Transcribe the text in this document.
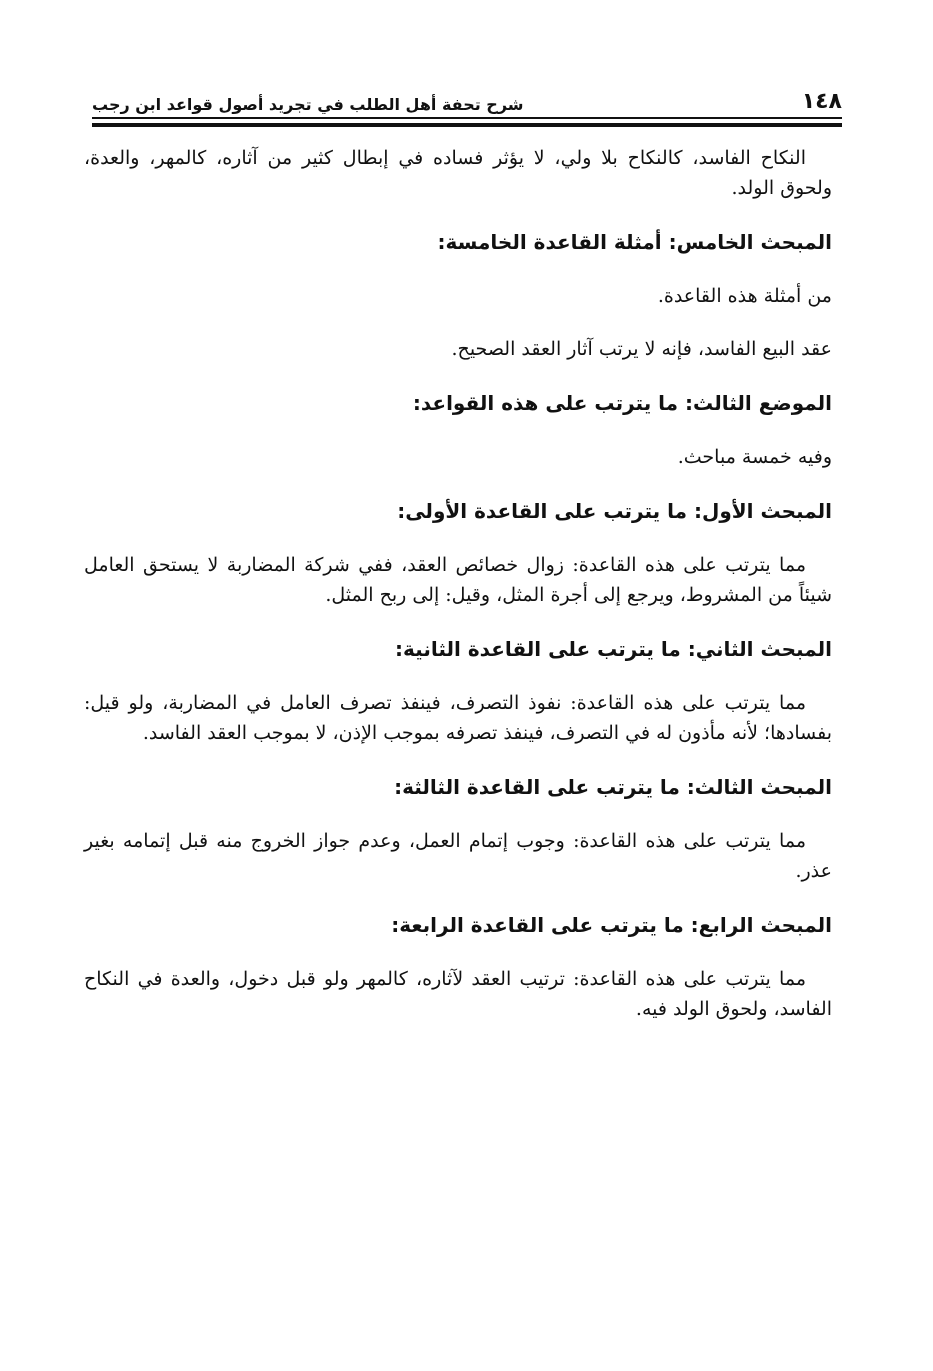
١٤٨
شرح تحفة أهل الطلب في تجريد أصول قواعد ابن رجب

النكاح الفاسد، كالنكاح بلا ولي، لا يؤثر فساده في إبطال كثير من آثاره، كالمهر، والعدة، ولحوق الولد.

المبحث الخامس: أمثلة القاعدة الخامسة:

من أمثلة هذه القاعدة.

عقد البيع الفاسد، فإنه لا يرتب آثار العقد الصحيح.

الموضع الثالث: ما يترتب على هذه القواعد:

وفيه خمسة مباحث.

المبحث الأول: ما يترتب على القاعدة الأولى:

مما يترتب على هذه القاعدة: زوال خصائص العقد، ففي شركة المضاربة لا يستحق العامل شيئاً من المشروط، ويرجع إلى أجرة المثل، وقيل: إلى ربح المثل.

المبحث الثاني: ما يترتب على القاعدة الثانية:

مما يترتب على هذه القاعدة: نفوذ التصرف، فينفذ تصرف العامل في المضاربة، ولو قيل: بفسادها؛ لأنه مأذون له في التصرف، فينفذ تصرفه بموجب الإذن، لا بموجب العقد الفاسد.

المبحث الثالث: ما يترتب على القاعدة الثالثة:

مما يترتب على هذه القاعدة: وجوب إتمام العمل، وعدم جواز الخروج منه قبل إتمامه بغير عذر.

المبحث الرابع: ما يترتب على القاعدة الرابعة:

مما يترتب على هذه القاعدة: ترتيب العقد لآثاره، كالمهر ولو قبل دخول، والعدة في النكاح الفاسد، ولحوق الولد فيه.
